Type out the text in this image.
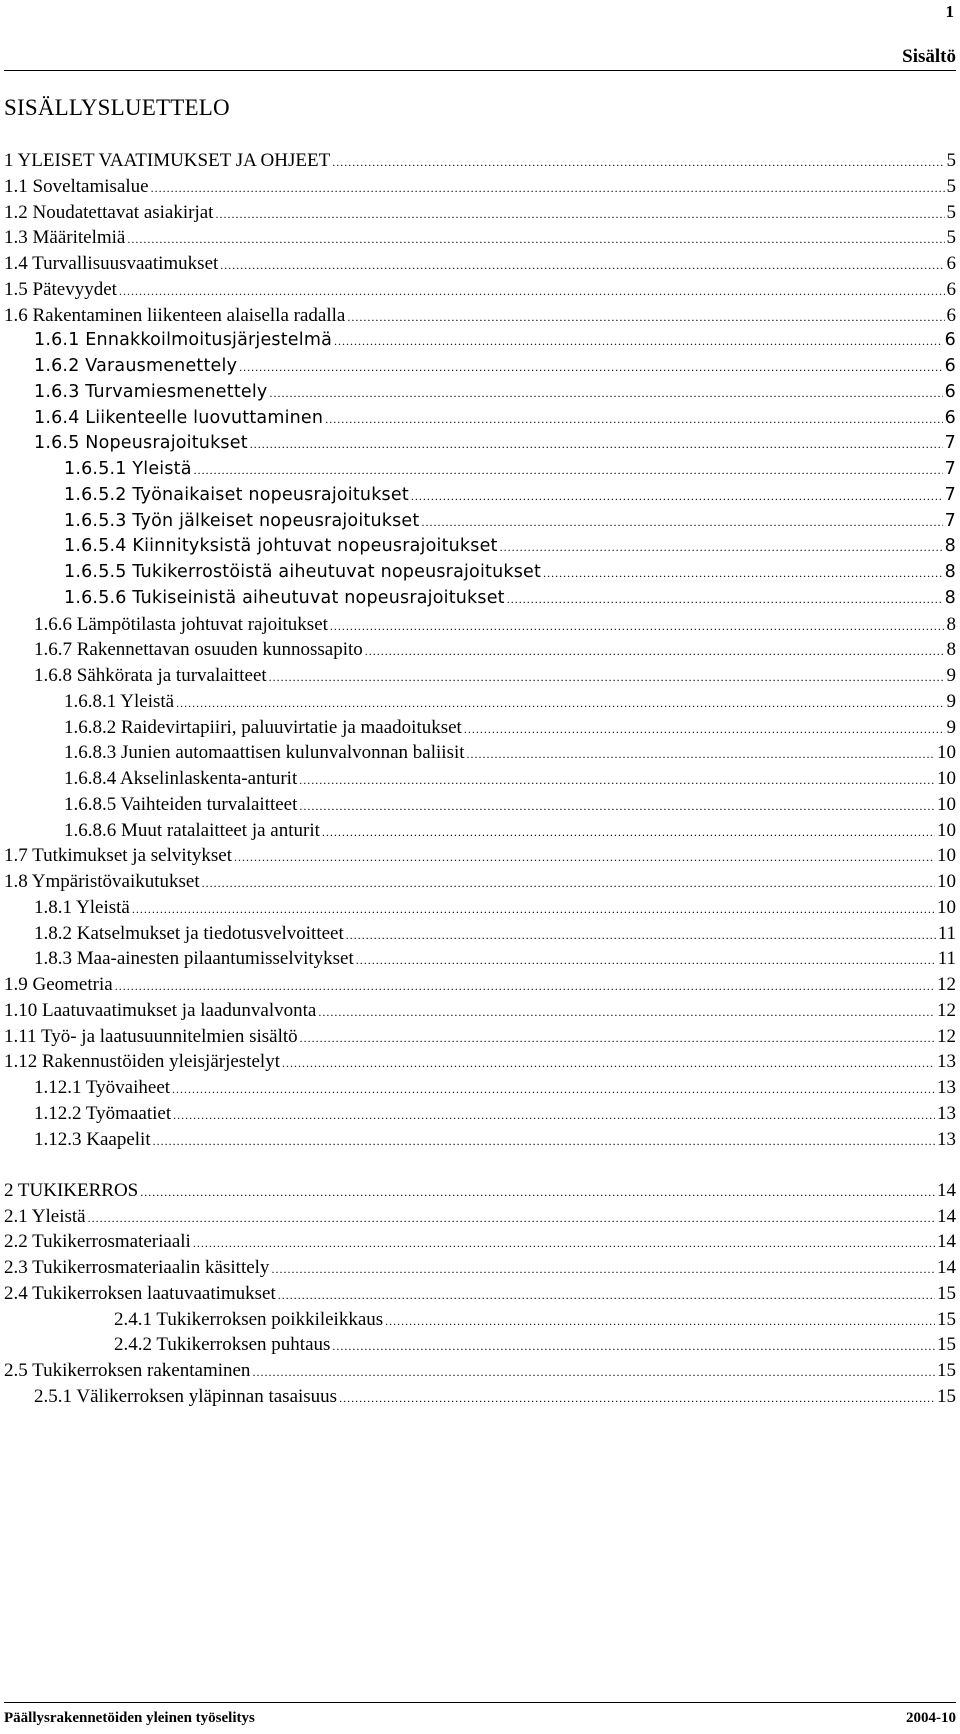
1
Sisältö
SISÄLLYSLUETTELO
1 YLEISET VAATIMUKSET JA OHJEET .....	5
1.1 Soveltamisalue .....	5
1.2 Noudatettavat asiakirjat .....	5
1.3 Määritelmiä .....	5
1.4 Turvallisuusvaatimukset .....	6
1.5 Pätevyydet .....	6
1.6 Rakentaminen liikenteen alaisella radalla .....	6
1.6.1 Ennakkoilmoitusjärjestelmä .....	6
1.6.2 Varausmenettely .....	6
1.6.3 Turvamiesmenettely .....	6
1.6.4 Liikenteelle luovuttaminen .....	6
1.6.5 Nopeusrajoitukset .....	7
1.6.5.1 Yleistä .....	7
1.6.5.2 Työnaikaiset nopeusrajoitukset .....	7
1.6.5.3 Työn jälkeiset nopeusrajoitukset .....	7
1.6.5.4 Kiinnityksistä johtuvat nopeusrajoitukset .....	8
1.6.5.5 Tukikerrostöistä aiheutuvat nopeusrajoitukset .....	8
1.6.5.6 Tukiseinistä aiheutuvat nopeusrajoitukset .....	8
1.6.6 Lämpötilasta johtuvat rajoitukset .....	8
1.6.7 Rakennettavan osuuden kunnossapito .....	8
1.6.8 Sähkörata ja turvalaitteet .....	9
1.6.8.1 Yleistä .....	9
1.6.8.2 Raidevirtapiiri, paluuvirtatie ja maadoitukset .....	9
1.6.8.3 Junien automaattisen kulunvalvonnan baliisit .....	10
1.6.8.4 Akselinlaskenta-anturit .....	10
1.6.8.5 Vaihteiden turvalaitteet .....	10
1.6.8.6 Muut ratalaitteet ja anturit .....	10
1.7 Tutkimukset ja selvitykset .....	10
1.8 Ympäristövaikutukset .....	10
1.8.1 Yleistä .....	10
1.8.2 Katselmukset ja tiedotusvelvoitteet .....	11
1.8.3 Maa-ainesten pilaantumisselvitykset .....	11
1.9 Geometria .....	12
1.10 Laatuvaatimukset ja laadunvalvonta .....	12
1.11 Työ- ja laatusuunnitelmien sisältö .....	12
1.12 Rakennustöiden yleisjärjestelyt .....	13
1.12.1 Työvaiheet .....	13
1.12.2 Työmaatiet .....	13
1.12.3 Kaapelit .....	13
2 TUKIKERROS .....	14
2.1 Yleistä .....	14
2.2 Tukikerrosmateriaali .....	14
2.3 Tukikerrosmateriaalin käsittely .....	14
2.4 Tukikerroksen laatuvaatimukset .....	15
2.4.1 Tukikerroksen poikkileikkaus .....	15
2.4.2 Tukikerroksen puhtaus .....	15
2.5 Tukikerroksen rakentaminen .....	15
2.5.1 Välikerroksen yläpinnan tasaisuus .....	15
Päällysrakennetöiden yleinen työselitys	2004-10
